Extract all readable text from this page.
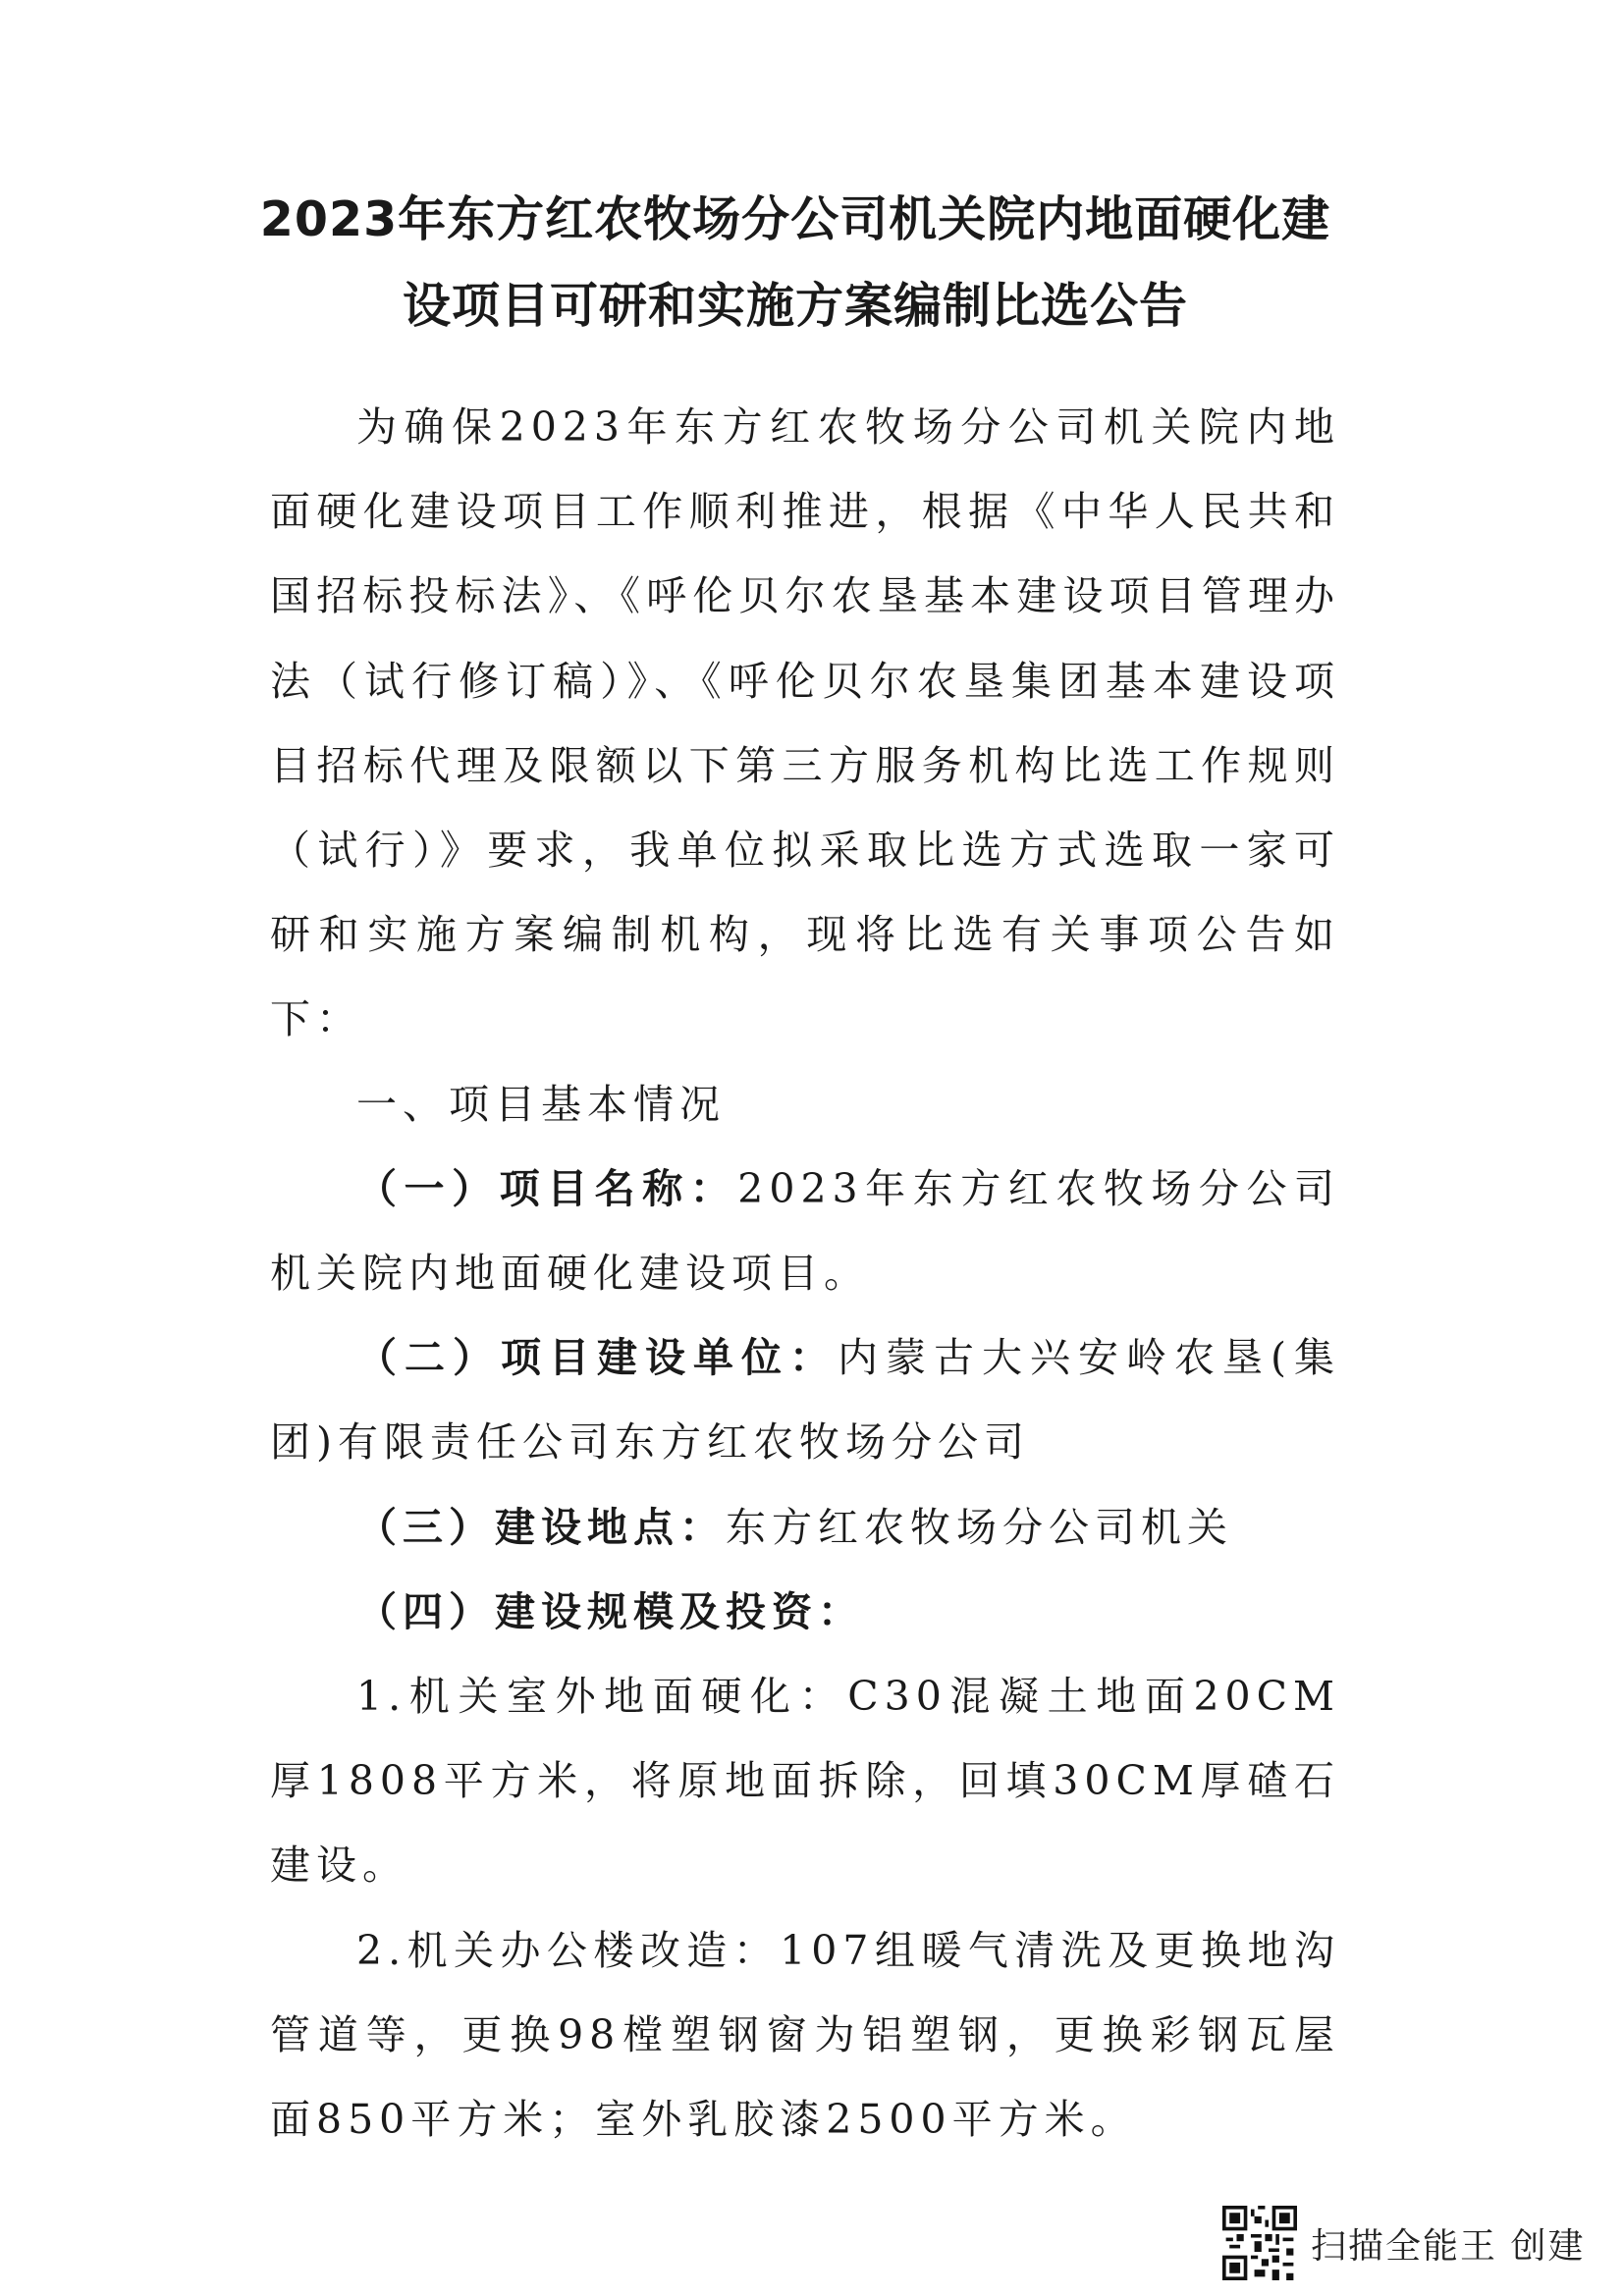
2023年东方红农牧场分公司机关院内地面硬化建
设项目可研和实施方案编制比选公告

为确保2023年东方红农牧场分公司机关院内地面硬化建设项目工作顺利推进，根据《中华人民共和国招标投标法》、《呼伦贝尔农垦基本建设项目管理办法（试行修订稿）》、《呼伦贝尔农垦集团基本建设项目招标代理及限额以下第三方服务机构比选工作规则（试行）》要求，我单位拟采取比选方式选取一家可研和实施方案编制机构，现将比选有关事项公告如下：

一、项目基本情况

（一）项目名称：2023年东方红农牧场分公司机关院内地面硬化建设项目。

（二）项目建设单位：内蒙古大兴安岭农垦(集团)有限责任公司东方红农牧场分公司

（三）建设地点：东方红农牧场分公司机关

（四）建设规模及投资：

1.机关室外地面硬化：C30混凝土地面20CM厚1808平方米，将原地面拆除，回填30CM厚碴石建设。

2.机关办公楼改造：107组暖气清洗及更换地沟管道等，更换98樘塑钢窗为铝塑钢，更换彩钢瓦屋面850平方米；室外乳胶漆2500平方米。

扫描全能王 创建
